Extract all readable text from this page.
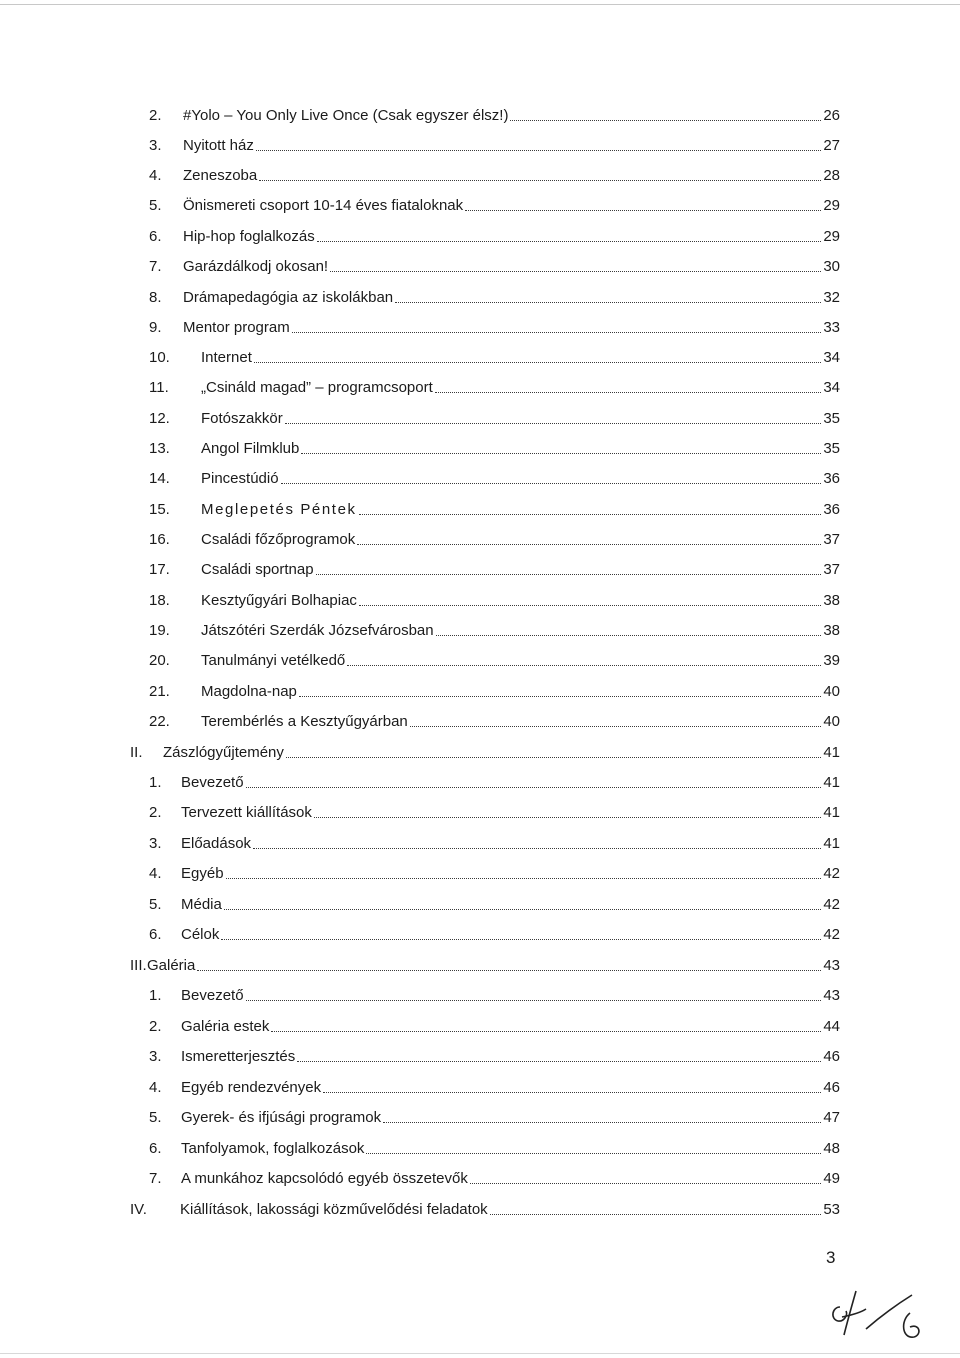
2. #Yolo – You Only Live Once (Csak egyszer élsz!)	26
3. Nyitott ház	27
4. Zeneszoba	28
5. Önismereti csoport 10-14 éves fiataloknak	29
6. Hip-hop foglalkozás	29
7. Garázdálkodj okosan!	30
8. Drámapedagógia az iskolákban	32
9. Mentor program	33
10. Internet	34
11. „Csináld magad” – programcsoport	34
12. Fotószakkör	35
13. Angol Filmklub	35
14. Pincestúdió	36
15. Meglepetés Péntek	36
16. Családi főzőprogramok	37
17. Családi sportnap	37
18. Kesztyűgyári Bolhapiac	38
19. Játszótéri Szerdák Józsefvárosban	38
20. Tanulmányi vetélkedő	39
21. Magdolna-nap	40
22. Terembérlés a Kesztyűgyárban	40
II. Zászlógyűjtemény	41
1. Bevezető	41
2. Tervezett kiállítások	41
3. Előadások	41
4. Egyéb	42
5. Média	42
6. Célok	42
III. Galéria	43
1. Bevezető	43
2. Galéria estek	44
3. Ismeretterjesztés	46
4. Egyéb rendezvények	46
5. Gyerek- és ifjúsági programok	47
6. Tanfolyamok, foglalkozások	48
7. A munkához kapcsolódó egyéb összetevők	49
IV. Kiállítások, lakossági közművelődési feladatok	53
3
